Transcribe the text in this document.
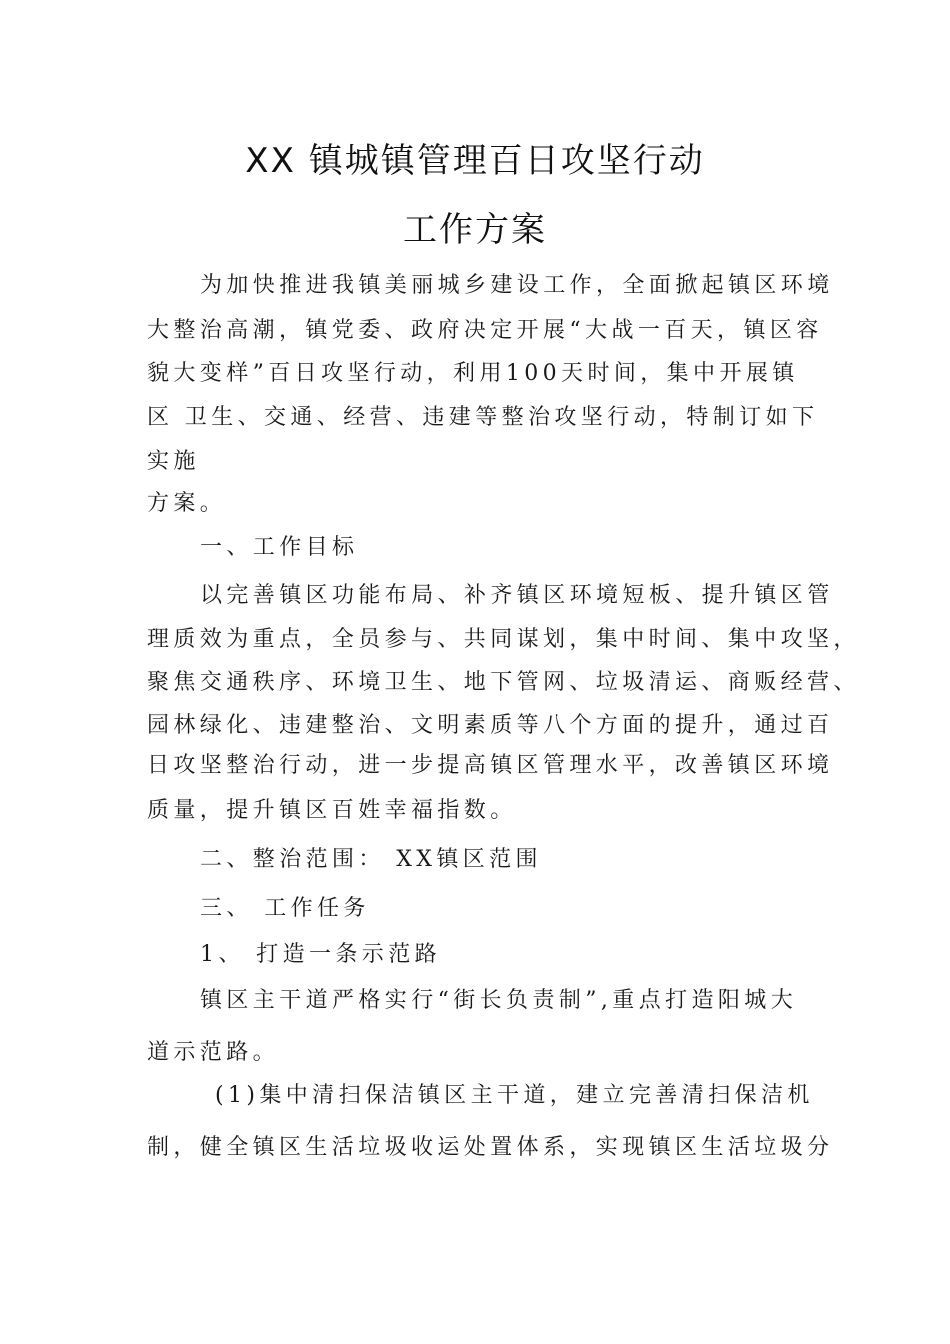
XX 镇城镇管理百日攻坚行动
工作方案
为加快推进我镇美丽城乡建设工作，全面掀起镇区环境
大整治高潮，镇党委、政府决定开展“大战一百天，镇区容
貌大变样”百日攻坚行动，利用100天时间，集中开展镇
区 卫生、交通、经营、违建等整治攻坚行动，特制订如下
实施
方案。
一、工作目标
以完善镇区功能布局、补齐镇区环境短板、提升镇区管
理质效为重点，全员参与、共同谋划，集中时间、集中攻坚，
聚焦交通秩序、环境卫生、地下管网、垃圾清运、商贩经营、
园林绿化、违建整治、文明素质等八个方面的提升，通过百
日攻坚整治行动，进一步提高镇区管理水平，改善镇区环境
质量，提升镇区百姓幸福指数。
二、整治范围： XX镇区范围
三、 工作任务
1、 打造一条示范路
镇区主干道严格实行“街长负责制”,重点打造阳城大
道示范路。
(1)集中清扫保洁镇区主干道，建立完善清扫保洁机
制，健全镇区生活垃圾收运处置体系，实现镇区生活垃圾分
